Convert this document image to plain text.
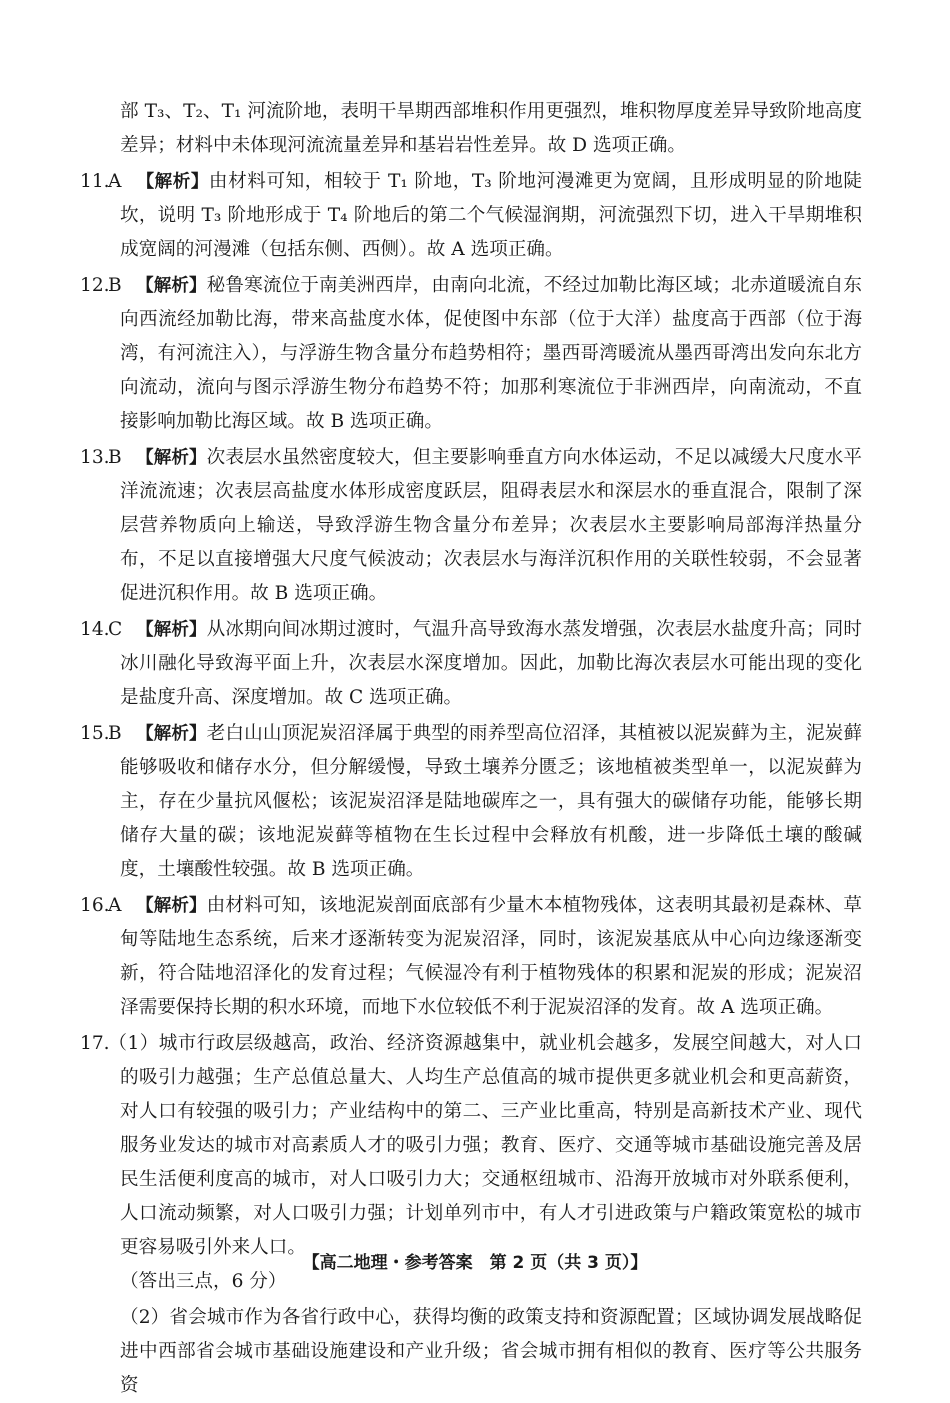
部 T₃、T₂、T₁ 河流阶地，表明干旱期西部堆积作用更强烈，堆积物厚度差异导致阶地高度差异；材料中未体现河流流量差异和基岩岩性差异。故 D 选项正确。
11.A 【解析】由材料可知，相较于 T₁ 阶地，T₃ 阶地河漫滩更为宽阔，且形成明显的阶地陡坎，说明 T₃ 阶地形成于 T₄ 阶地后的第二个气候湿润期，河流强烈下切，进入干旱期堆积成宽阔的河漫滩（包括东侧、西侧）。故 A 选项正确。
12.B 【解析】秘鲁寒流位于南美洲西岸，由南向北流，不经过加勒比海区域；北赤道暖流自东向西流经加勒比海，带来高盐度水体，促使图中东部（位于大洋）盐度高于西部（位于海湾，有河流注入），与浮游生物含量分布趋势相符；墨西哥湾暖流从墨西哥湾出发向东北方向流动，流向与图示浮游生物分布趋势不符；加那利寒流位于非洲西岸，向南流动，不直接影响加勒比海区域。故 B 选项正确。
13.B 【解析】次表层水虽然密度较大，但主要影响垂直方向水体运动，不足以减缓大尺度水平洋流流速；次表层高盐度水体形成密度跃层，阻碍表层水和深层水的垂直混合，限制了深层营养物质向上输送，导致浮游生物含量分布差异；次表层水主要影响局部海洋热量分布，不足以直接增强大尺度气候波动；次表层水与海洋沉积作用的关联性较弱，不会显著促进沉积作用。故 B 选项正确。
14.C 【解析】从冰期向间冰期过渡时，气温升高导致海水蒸发增强，次表层水盐度升高；同时冰川融化导致海平面上升，次表层水深度增加。因此，加勒比海次表层水可能出现的变化是盐度升高、深度增加。故 C 选项正确。
15.B 【解析】老白山山顶泥炭沼泽属于典型的雨养型高位沼泽，其植被以泥炭藓为主，泥炭藓能够吸收和储存水分，但分解缓慢，导致土壤养分匮乏；该地植被类型单一，以泥炭藓为主，存在少量抗风偃松；该泥炭沼泽是陆地碳库之一，具有强大的碳储存功能，能够长期储存大量的碳；该地泥炭藓等植物在生长过程中会释放有机酸，进一步降低土壤的酸碱度，土壤酸性较强。故 B 选项正确。
16.A 【解析】由材料可知，该地泥炭剖面底部有少量木本植物残体，这表明其最初是森林、草甸等陆地生态系统，后来才逐渐转变为泥炭沼泽，同时，该泥炭基底从中心向边缘逐渐变新，符合陆地沼泽化的发育过程；气候湿冷有利于植物残体的积累和泥炭的形成；泥炭沼泽需要保持长期的积水环境，而地下水位较低不利于泥炭沼泽的发育。故 A 选项正确。
17.（1）城市行政层级越高，政治、经济资源越集中，就业机会越多，发展空间越大，对人口的吸引力越强；生产总值总量大、人均生产总值高的城市提供更多就业机会和更高薪资，对人口有较强的吸引力；产业结构中的第二、三产业比重高，特别是高新技术产业、现代服务业发达的城市对高素质人才的吸引力强；教育、医疗、交通等城市基础设施完善及居民生活便利度高的城市，对人口吸引力大；交通枢纽城市、沿海开放城市对外联系便利，人口流动频繁，对人口吸引力强；计划单列市中，有人才引进政策与户籍政策宽松的城市更容易吸引外来人口。
（答出三点，6 分）
（2）省会城市作为各省行政中心，获得均衡的政策支持和资源配置；区域协调发展战略促进中西部省会城市基础设施建设和产业升级；省会城市拥有相似的教育、医疗等公共服务资
【高二地理・参考答案　第 2 页（共 3 页）】
